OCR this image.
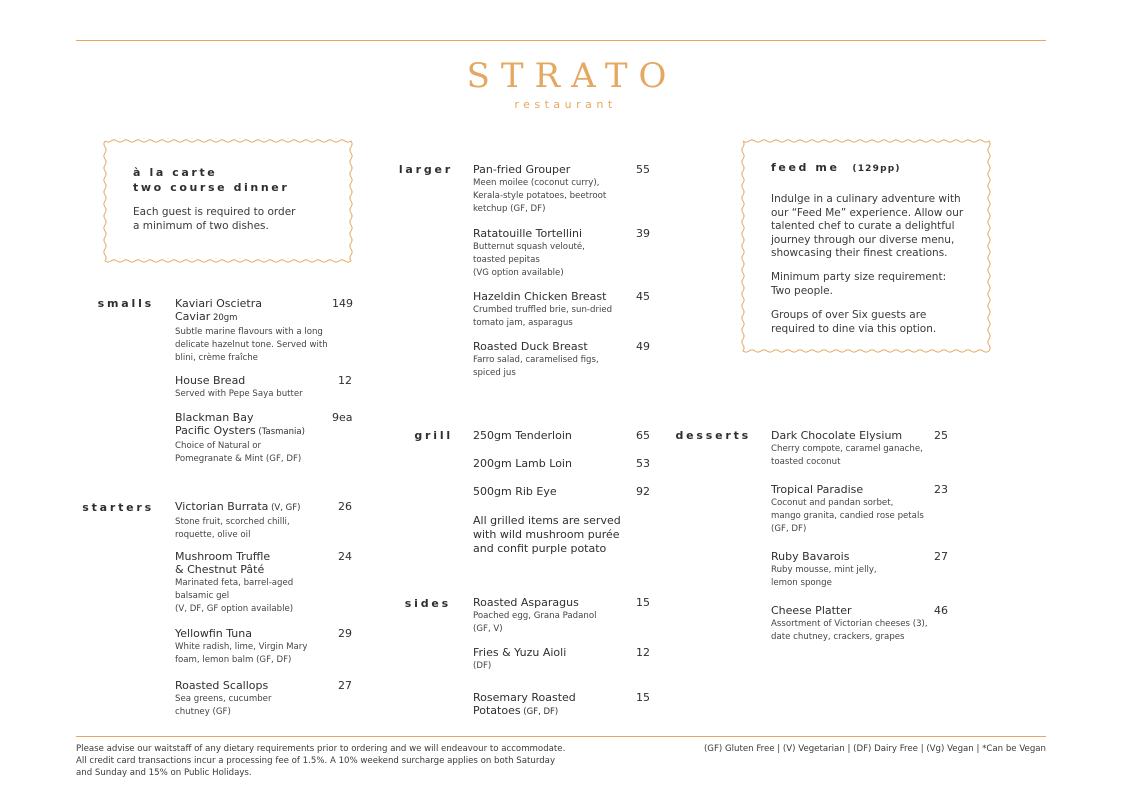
STRATO
restaurant
à la carte
two course dinner
Each guest is required to order
a minimum of two dishes.
feed me (129pp)
Indulge in a culinary adventure with
our “Feed Me” experience. Allow our
talented chef to curate a delightful
journey through our diverse menu,
showcasing their finest creations.
Minimum party size requirement:
Two people.
Groups of over Six guests are
required to dine via this option.
smalls
starters
larger
grill
sides
desserts
Kaviari Oscietra
Caviar 20gm
Subtle marine flavours with a long
delicate hazelnut tone. Served with
blini, crème fraîche
149
House Bread
Served with Pepe Saya butter
12
Blackman Bay
Pacific Oysters (Tasmania)
Choice of Natural or
Pomegranate & Mint (GF, DF)
9ea
Victorian Burrata (V, GF)
Stone fruit, scorched chilli,
roquette, olive oil
26
Mushroom Truffle
& Chestnut Pâté
Marinated feta, barrel-aged
balsamic gel
(V, DF, GF option available)
24
Yellowfin Tuna
White radish, lime, Virgin Mary
foam, lemon balm (GF, DF)
29
Roasted Scallops
Sea greens, cucumber
chutney (GF)
27
Pan-fried Grouper
Meen moilee (coconut curry),
Kerala-style potatoes, beetroot
ketchup (GF, DF)
55
Ratatouille Tortellini
Butternut squash velouté,
toasted pepitas
(VG option available)
39
Hazeldin Chicken Breast
Crumbed truffled brie, sun-dried
tomato jam, asparagus
45
Roasted Duck Breast
Farro salad, caramelised figs,
spiced jus
49
250gm Tenderloin	65
200gm Lamb Loin	53
500gm Rib Eye	92
All grilled items are served
with wild mushroom purée
and confit purple potato
Roasted Asparagus
Poached egg, Grana Padanol
(GF, V)
15
Fries & Yuzu Aioli
(DF)
12
Rosemary Roasted
Potatoes (GF, DF)
15
Dark Chocolate Elysium
Cherry compote, caramel ganache,
toasted coconut
25
Tropical Paradise
Coconut and pandan sorbet,
mango granita, candied rose petals
(GF, DF)
23
Ruby Bavarois
Ruby mousse, mint jelly,
lemon sponge
27
Cheese Platter
Assortment of Victorian cheeses (3),
date chutney, crackers, grapes
46
Please advise our waitstaff of any dietary requirements prior to ordering and we will endeavour to accommodate.
All credit card transactions incur a processing fee of 1.5%. A 10% weekend surcharge applies on both Saturday
and Sunday and 15% on Public Holidays.
(GF) Gluten Free | (V) Vegetarian | (DF) Dairy Free | (Vg) Vegan | *Can be Vegan
